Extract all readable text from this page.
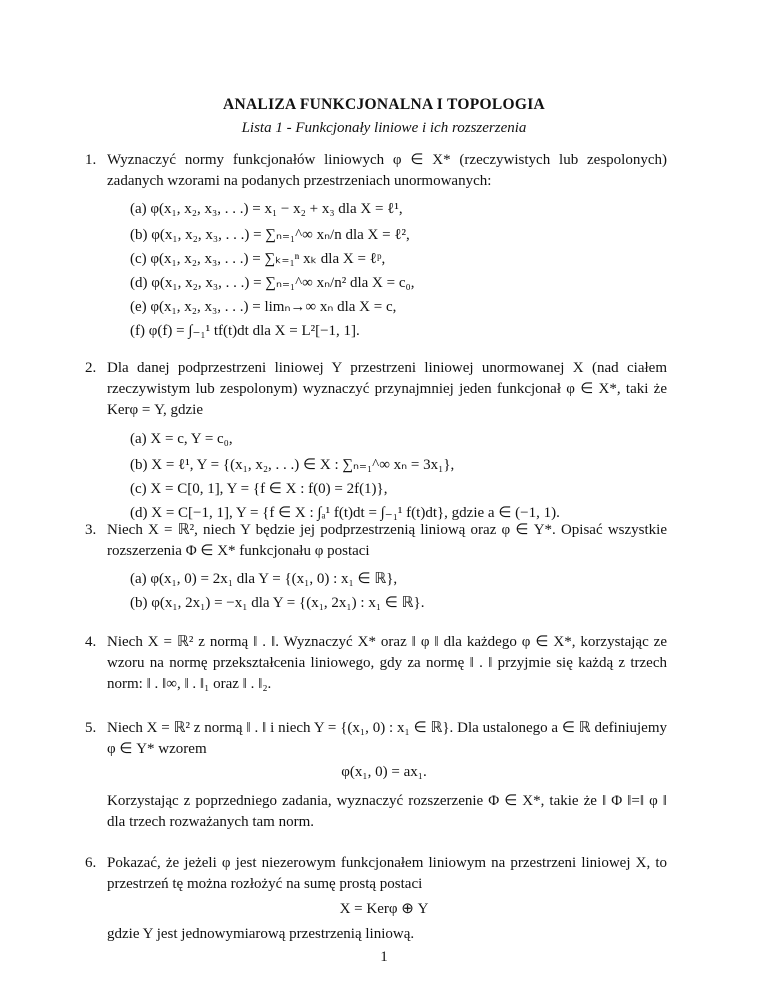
ANALIZA FUNKCJONALNA I TOPOLOGIA
Lista 1 - Funkcjonały liniowe i ich rozszerzenia
1. Wyznaczyć normy funkcjonałów liniowych φ ∈ X* (rzeczywistych lub zespolonych) zadanych wzorami na podanych przestrzeniach unormowanych:
(a) φ(x₁, x₂, x₃, . . .) = x₁ − x₂ + x₃ dla X = ℓ¹,
(b) φ(x₁, x₂, x₃, . . .) = ∑ₙ₌₁^∞ xₙ/n dla X = ℓ²,
(c) φ(x₁, x₂, x₃, . . .) = ∑ₖ₌₁ⁿ xₖ dla X = ℓᵖ,
(d) φ(x₁, x₂, x₃, . . .) = ∑ₙ₌₁^∞ xₙ/n² dla X = c₀,
(e) φ(x₁, x₂, x₃, . . .) = limₙ→∞ xₙ dla X = c,
(f) φ(f) = ∫₋₁¹ tf(t)dt dla X = L²[−1, 1].
2. Dla danej podprzestrzeni liniowej Y przestrzeni liniowej unormowanej X (nad ciałem rzeczywistym lub zespolonym) wyznaczyć przynajmniej jeden funkcjonał φ ∈ X*, taki że Kerφ = Y, gdzie
(a) X = c, Y = c₀,
(b) X = ℓ¹, Y = {(x₁, x₂, . . .) ∈ X : ∑ₙ₌₁^∞ xₙ = 3x₁},
(c) X = C[0, 1], Y = {f ∈ X : f(0) = 2f(1)},
(d) X = C[−1, 1], Y = {f ∈ X : ∫ₐ¹ f(t)dt = ∫₋₁¹ f(t)dt}, gdzie a ∈ (−1, 1).
3. Niech X = ℝ², niech Y będzie jej podprzestrzenią liniową oraz φ ∈ Y*. Opisać wszystkie rozszerzenia Φ ∈ X* funkcjonału φ postaci
(a) φ(x₁, 0) = 2x₁ dla Y = {(x₁, 0) : x₁ ∈ ℝ},
(b) φ(x₁, 2x₁) = −x₁ dla Y = {(x₁, 2x₁) : x₁ ∈ ℝ}.
4. Niech X = ℝ² z normą ‖ . ‖. Wyznaczyć X* oraz ‖ φ ‖ dla każdego φ ∈ X*, korzystając ze wzoru na normę przekształcenia liniowego, gdy za normę ‖ . ‖ przyjmie się każdą z trzech norm: ‖ . ‖∞, ‖ . ‖₁ oraz ‖ . ‖₂.
5. Niech X = ℝ² z normą ‖ . ‖ i niech Y = {(x₁, 0) : x₁ ∈ ℝ}. Dla ustalonego a ∈ ℝ definiujemy φ ∈ Y* wzorem
φ(x₁, 0) = ax₁.
Korzystając z poprzedniego zadania, wyznaczyć rozszerzenie Φ ∈ X*, takie że ‖ Φ ‖=‖ φ ‖ dla trzech rozważanych tam norm.
6. Pokazać, że jeżeli φ jest niezerowym funkcjonałem liniowym na przestrzeni liniowej X, to przestrzeń tę można rozłożyć na sumę prostą postaci
X = Kerφ ⊕ Y
gdzie Y jest jednowymiarową przestrzenią liniową.
1
